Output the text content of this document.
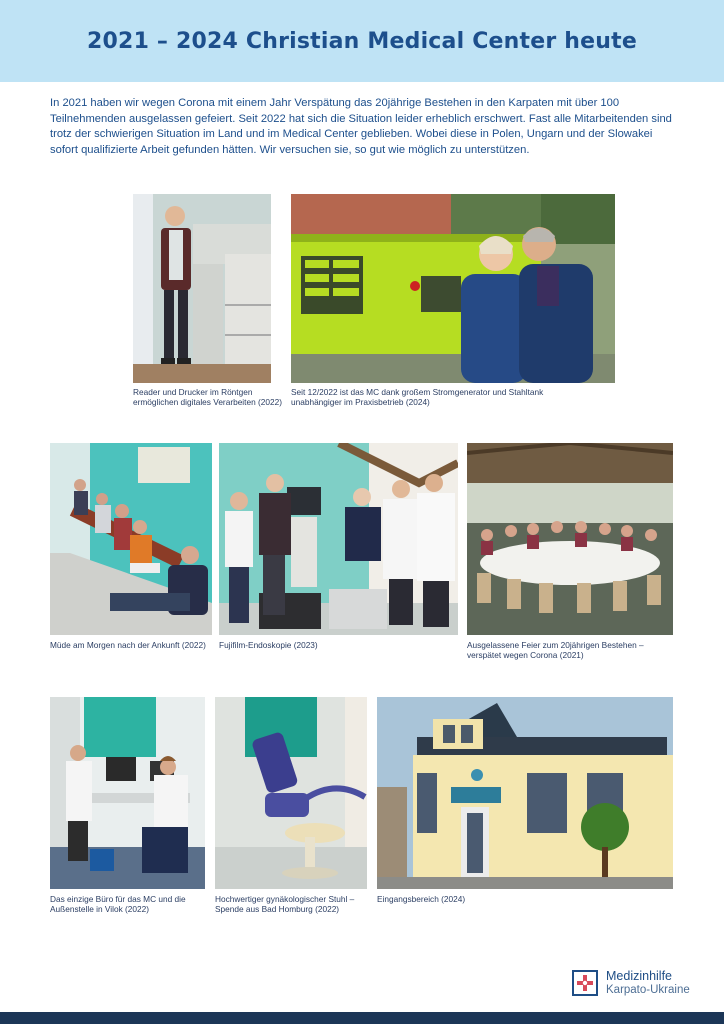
2021 – 2024 Christian Medical Center heute

In 2021 haben wir wegen Corona mit einem Jahr Verspätung das 20jährige Bestehen in den Karpaten mit über 100 Teilnehmenden ausgelassen gefeiert. Seit 2022 hat sich die Situation leider erheblich erschwert. Fast alle Mitarbeitenden sind trotz der schwierigen Situation im Land und im Medical Center geblieben. Wobei diese in Polen, Ungarn und der Slowakei sofort qualifizierte Arbeit gefunden hätten. Wir versuchen sie, so gut wie möglich zu unterstützen.

Reader und Drucker im Röntgen ermöglichen digitales Verarbeiten (2022)

Seit 12/2022 ist das MC dank großem Stromgenerator und Stahltank unabhängiger im Praxisbetrieb (2024)

Müde am Morgen nach der Ankunft (2022)	Fujifilm-Endoskopie (2023)	Ausgelassene Feier zum 20jährigen Bestehen – verspätet wegen Corona (2021)

Das einzige Büro für das MC und die Außenstelle in Vilok (2022)

Hochwertiger gynäkologischer Stuhl – Spende aus Bad Homburg (2022)

Eingangsbereich (2024)

Medizinhilfe
Karpato-Ukraine
